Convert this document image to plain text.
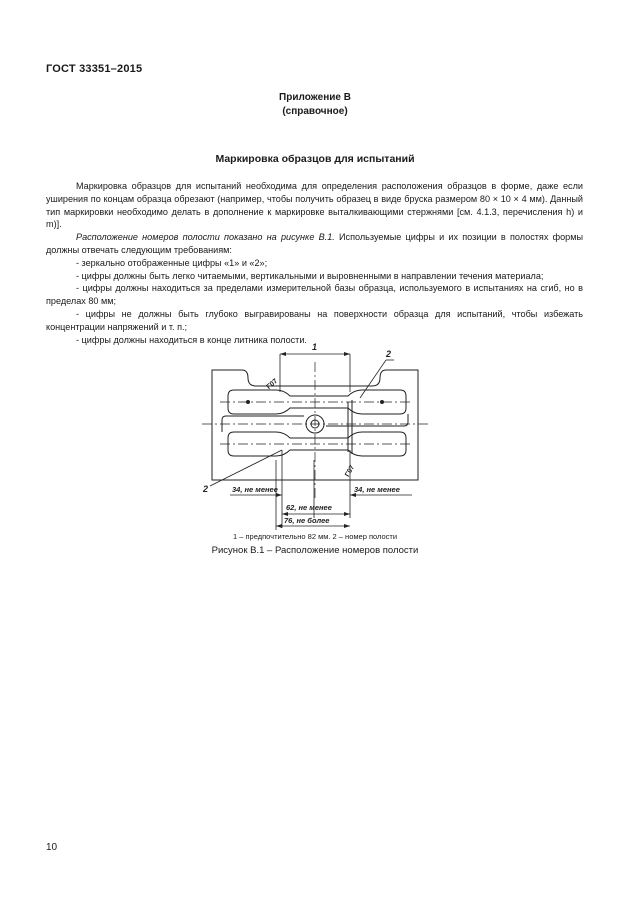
ГОСТ 33351–2015
Приложение В
(справочное)
Маркировка образцов для испытаний

Маркировка образцов для испытаний необходима для определения расположения образцов в форме, даже если уширения по концам образца обрезают (например, чтобы получить образец в виде бруска размером 80 × 10 × 4 мм). Данный тип маркировки необходимо делать в дополнение к маркировке выталкивающими стержнями [см. 4.1.3, перечисления h) и m)].

Расположение номеров полости показано на рисунке В.1. Используемые цифры и их позиции в полостях формы должны отвечать следующим требованиям:

- зеркально отображенные цифры «1» и «2»;

- цифры должны быть легко читаемыми, вертикальными и выровненными в направлении течения материала;

- цифры должны находиться за пределами измерительной базы образца, используемого в испытаниях на сгиб, но в пределах 80 мм;

- цифры не должны быть глубоко выгравированы на поверхности образца для испытаний, чтобы избежать концентрации напряжений и т. п.;

- цифры должны находиться в конце литника полости.

1
2
2	34, не менее	34, не менее
62, не менее
76, не более
Γ07
Γ07
1 – предпочтительно 82 мм. 2 – номер полости
Рисунок В.1 – Расположение номеров полости
10
